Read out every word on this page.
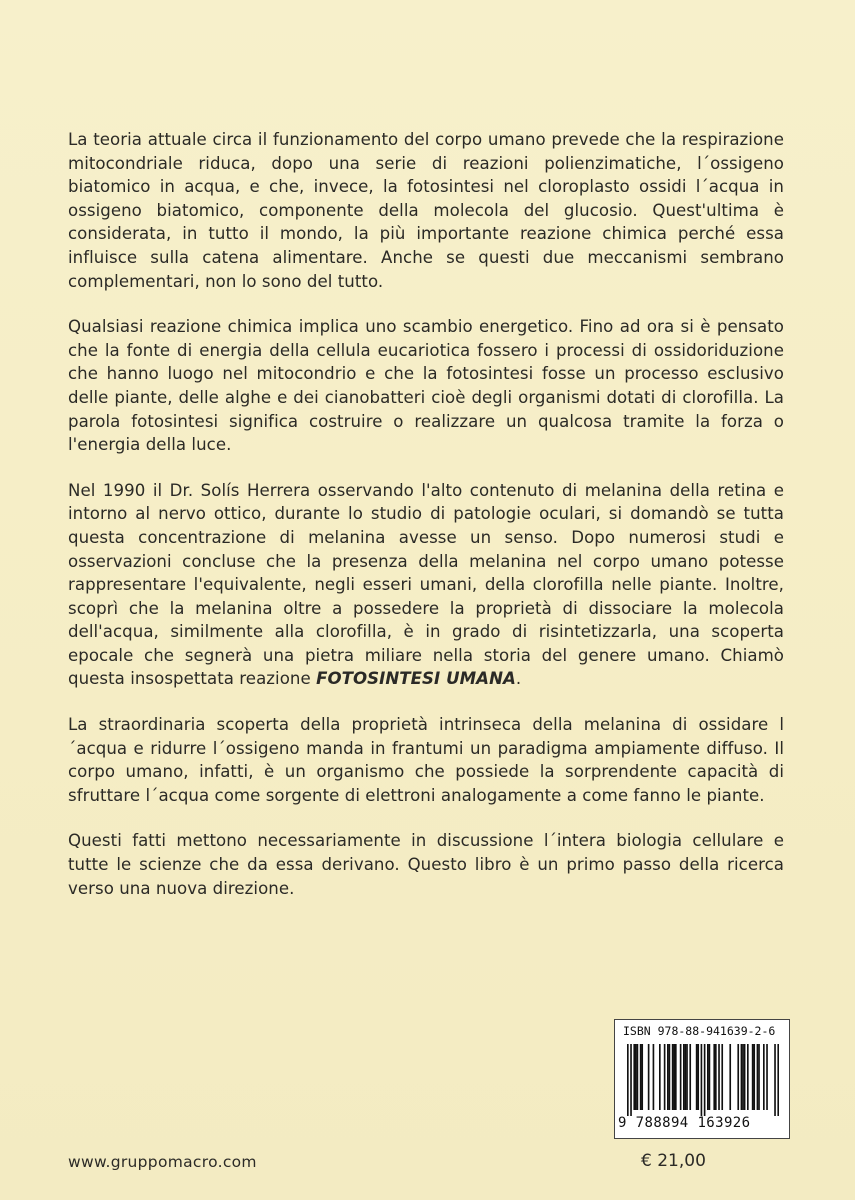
La teoria attuale circa il funzionamento del corpo umano prevede che la respirazione mitocondriale riduca, dopo una serie di reazioni polienzimatiche, l´ossigeno biatomico in acqua, e che, invece, la fotosintesi nel cloroplasto ossidi l´acqua in ossigeno biatomico, componente della molecola del glucosio. Quest'ultima è considerata, in tutto il mondo, la più importante reazione chimica perché essa influisce sulla catena alimentare. Anche se questi due meccanismi sembrano complementari, non lo sono del tutto.

Qualsiasi reazione chimica implica uno scambio energetico. Fino ad ora si è pensato che la fonte di energia della cellula eucariotica fossero i processi di ossidoriduzione che hanno luogo nel mitocondrio e che la fotosintesi fosse un processo esclusivo delle piante, delle alghe e dei cianobatteri cioè degli organismi dotati di clorofilla. La parola fotosintesi significa costruire o realizzare un qualcosa tramite la forza o l'energia della luce.

Nel 1990 il Dr. Solís Herrera osservando l'alto contenuto di melanina della retina e intorno al nervo ottico, durante lo studio di patologie oculari, si domandò se tutta questa concentrazione di melanina avesse un senso. Dopo numerosi studi e osservazioni concluse che la presenza della melanina nel corpo umano potesse rappresentare l'equivalente, negli esseri umani, della clorofilla nelle piante. Inoltre, scoprì che la melanina oltre a possedere la proprietà di dissociare la molecola dell'acqua, similmente alla clorofilla, è in grado di risintetizzarla, una scoperta epocale che segnerà una pietra miliare nella storia del genere umano. Chiamò questa insospettata reazione FOTOSINTESI UMANA.

La straordinaria scoperta della proprietà intrinseca della melanina di ossidare l´acqua e ridurre l´ossigeno manda in frantumi un paradigma ampiamente diffuso. Il corpo umano, infatti, è un organismo che possiede la sorprendente capacità di sfruttare l´acqua come sorgente di elettroni analogamente a come fanno le piante.

Questi fatti mettono necessariamente in discussione l´intera biologia cellulare e tutte le scienze che da essa derivano. Questo libro è un primo passo della ricerca verso una nuova direzione.

ISBN 978-88-941639-2-6
9 788894 163926
www.gruppomacro.com	€ 21,00
